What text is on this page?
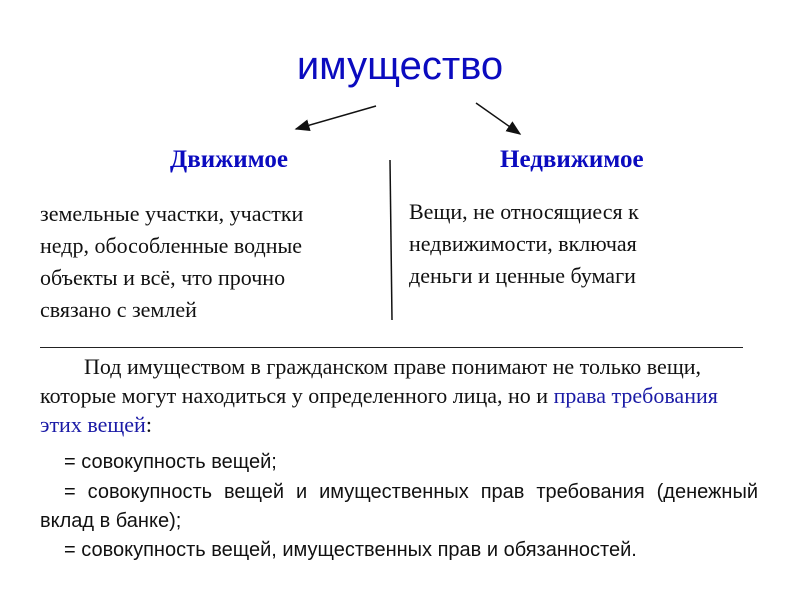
имущество
Движимое	Недвижимое
земельные участки, участки
недр, обособленные водные
объекты и всё, что прочно
связано с землей
Вещи, не относящиеся к
недвижимости, включая
деньги и ценные бумаги
Под имуществом в гражданском праве понимают не только вещи, которые могут находиться у определенного лица, но и права требования этих вещей:
= совокупность вещей;
= совокупность вещей и имущественных прав требования (денежный вклад в банке);
= совокупность вещей, имущественных прав и обязанностей.
